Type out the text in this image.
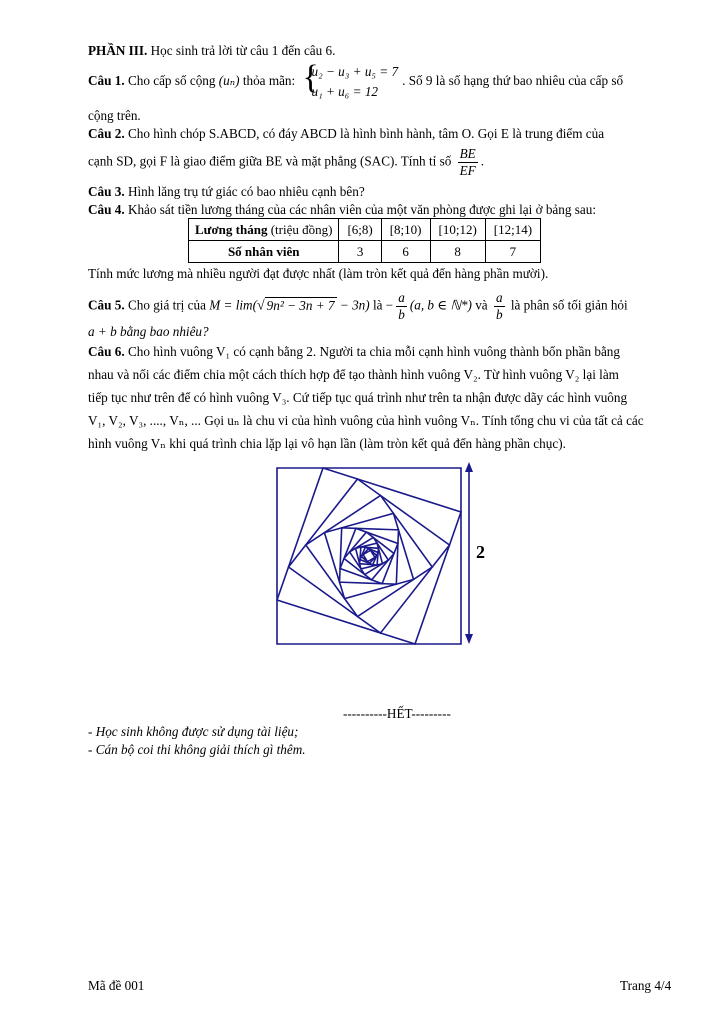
PHẦN III. Học sinh trả lời từ câu 1 đến câu 6.
Câu 1. Cho cấp số cộng (uₙ) thỏa mãn: {
u₂ − u₃ + u₅ = 7
u₁ + u₆ = 12
. Số 9 là số hạng thứ bao nhiêu của cấp số
cộng trên.
Câu 2. Cho hình chóp S.ABCD, có đáy ABCD là hình bình hành, tâm O. Gọi E là trung điểm của
cạnh SD, gọi F là giao điểm giữa BE và mặt phẳng (SAC). Tính tỉ số $\frac{BE}{EF}$ .
Câu 3. Hình lăng trụ tứ giác có bao nhiêu cạnh bên?
Câu 4. Khảo sát tiền lương tháng của các nhân viên của một văn phòng được ghi lại ở bảng sau:
Lương tháng (triệu đồng)	[6;8)	[8;10)	[10;12)	[12;14)
Số nhân viên	3	6	8	7
Tính mức lương mà nhiều người đạt được nhất (làm tròn kết quả đến hàng phần mười).
Câu 5. Cho giá trị của M = lim(√ 9n² − 3n + 7 − 3n) là − $\frac{a}{b} (a$, b ∈ ℕ*) và $\frac{a}{b}$ là phân số tối giản hỏi
a + b bằng bao nhiêu?
Câu 6. Cho hình vuông V₁ có cạnh bằng 2. Người ta chia mỗi cạnh hình vuông thành bốn phần bằng
nhau và nối các điểm chia một cách thích hợp để tạo thành hình vuông V₂. Từ hình vuông V₂ lại làm
tiếp tục như trên để có hình vuông V₃. Cứ tiếp tục quá trình như trên ta nhận được dãy các hình vuông
V₁, V₂, V₃, ...., Vₙ, ... Gọi uₙ là chu vi của hình vuông của hình vuông Vₙ. Tính tổng chu vi của tất cả các
hình vuông Vₙ khi quá trình chia lặp lại vô hạn lần (làm tròn kết quả đến hàng phần chục).
2
----------HẾT---------
- Học sinh không được sử dụng tài liệu;
- Cán bộ coi thi không giải thích gì thêm.
Mã đề 001	Trang 4/4
